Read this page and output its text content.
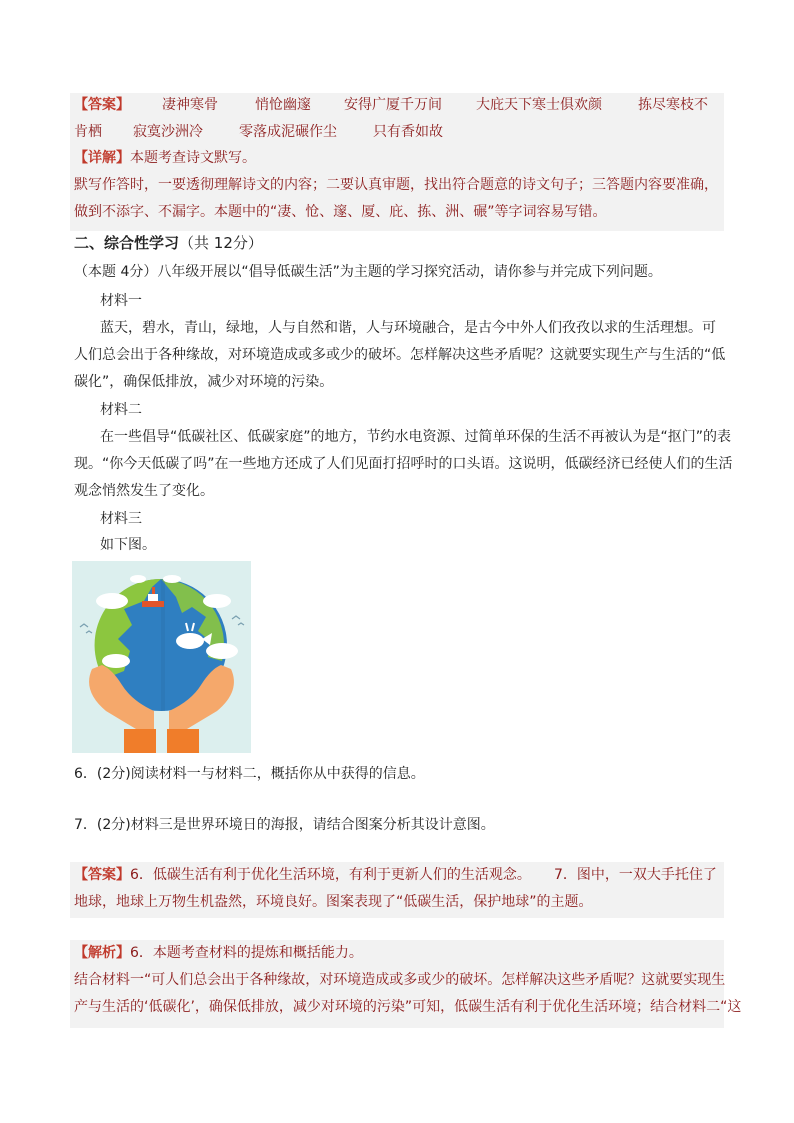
【答案】 凄神寒骨	悄怆幽邃 安得广厦千万间 大庇天下寒士俱欢颜	拣尽寒枝不
肯栖 寂寞沙洲冷	零落成泥碾作尘	只有香如故
【详解】本题考查诗文默写。
默写作答时，一要透彻理解诗文的内容；二要认真审题，找出符合题意的诗文句子；三答题内容要准确，
做到不添字、不漏字。本题中的“凄、怆、邃、厦、庇、拣、洲、碾”等字词容易写错。
二、综合性学习（共 12分）
（本题 4分）八年级开展以“倡导低碳生活”为主题的学习探究活动，请你参与并完成下列问题。
材料一
蓝天，碧水，青山，绿地，人与自然和谐，人与环境融合，是古今中外人们孜孜以求的生活理想。可
人们总会出于各种缘故，对环境造成或多或少的破坏。怎样解决这些矛盾呢？这就要实现生产与生活的“低
碳化”，确保低排放，减少对环境的污染。
材料二
在一些倡导“低碳社区、低碳家庭”的地方，节约水电资源、过简单环保的生活不再被认为是“抠门”的表
现。“你今天低碳了吗”在一些地方还成了人们见面打招呼时的口头语。这说明，低碳经济已经使人们的生活
观念悄然发生了变化。
材料三
如下图。
6．(2分)阅读材料一与材料二，概括你从中获得的信息。
7．(2分)材料三是世界环境日的海报，请结合图案分析其设计意图。
【答案】6．低碳生活有利于优化生活环境，有利于更新人们的生活观念。 7．图中，一双大手托住了
地球，地球上万物生机盎然，环境良好。图案表现了“低碳生活，保护地球”的主题。
【解析】6．本题考查材料的提炼和概括能力。
结合材料一“可人们总会出于各种缘故，对环境造成或多或少的破坏。怎样解决这些矛盾呢？这就要实现生
产与生活的‘低碳化’，确保低排放，减少对环境的污染”可知，低碳生活有利于优化生活环境；结合材料二“这
